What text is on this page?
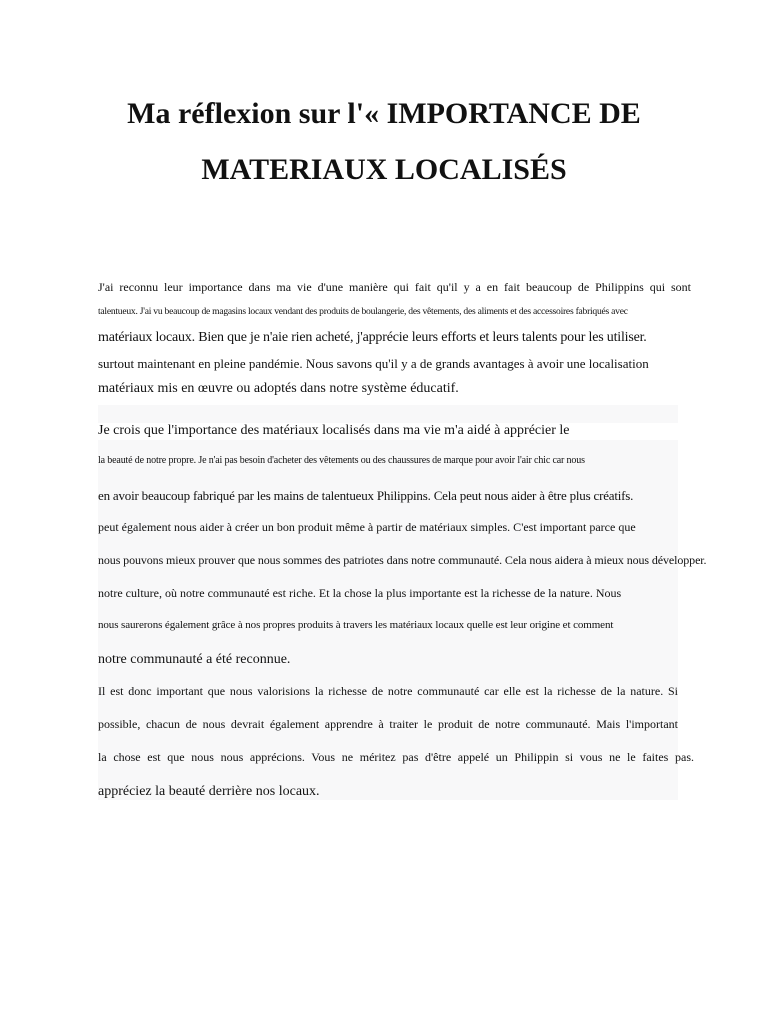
Ma réflexion sur l'« IMPORTANCE DE
MATERIAUX LOCALISÉS

J'ai reconnu leur importance dans ma vie d'une manière qui fait qu'il y a en fait beaucoup de Philippins qui sont

talentueux. J'ai vu beaucoup de magasins locaux vendant des produits de boulangerie, des vêtements, des aliments et des accessoires fabriqués avec

matériaux locaux. Bien que je n'aie rien acheté, j'apprécie leurs efforts et leurs talents pour les utiliser.

surtout maintenant en pleine pandémie. Nous savons qu'il y a de grands avantages à avoir une localisation

matériaux mis en œuvre ou adoptés dans notre système éducatif.

Je crois que l'importance des matériaux localisés dans ma vie m'a aidé à apprécier le

la beauté de notre propre. Je n'ai pas besoin d'acheter des vêtements ou des chaussures de marque pour avoir l'air chic car nous

en avoir beaucoup fabriqué par les mains de talentueux Philippins. Cela peut nous aider à être plus créatifs.

peut également nous aider à créer un bon produit même à partir de matériaux simples. C'est important parce que

nous pouvons mieux prouver que nous sommes des patriotes dans notre communauté. Cela nous aidera à mieux nous développer.

notre culture, où notre communauté est riche. Et la chose la plus importante est la richesse de la nature. Nous

nous saurerons également grâce à nos propres produits à travers les matériaux locaux quelle est leur origine et comment

notre communauté a été reconnue.

Il est donc important que nous valorisions la richesse de notre communauté car elle est la richesse de la nature. Si

possible, chacun de nous devrait également apprendre à traiter le produit de notre communauté. Mais l'important

la chose est que nous nous apprécions. Vous ne méritez pas d'être appelé un Philippin si vous ne le faites pas.

appréciez la beauté derrière nos locaux.
